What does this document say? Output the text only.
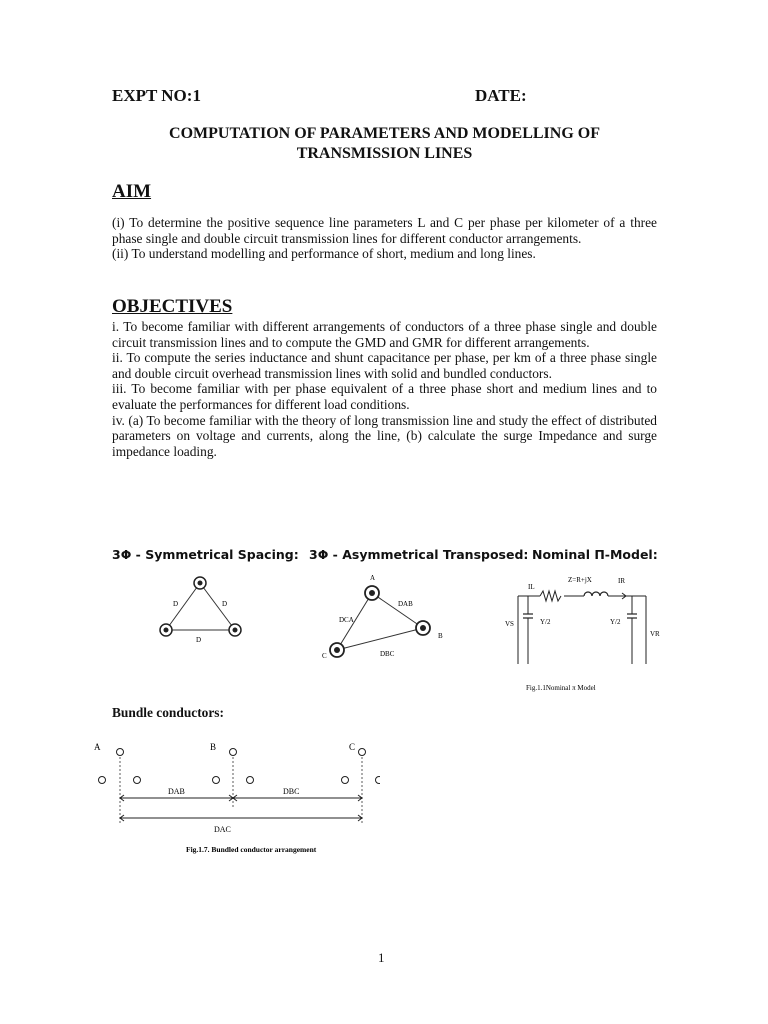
EXPT NO:1	DATE:
COMPUTATION OF PARAMETERS AND MODELLING OF TRANSMISSION LINES
AIM

(i) To determine the positive sequence line parameters L and C per phase per kilometer of a three phase single and double circuit transmission lines for different conductor arrangements.

(ii) To understand modelling and performance of short, medium and long lines.

OBJECTIVES

i. To become familiar with different arrangements of conductors of a three phase single and double circuit transmission lines and to compute the GMD and GMR for different arrangements.

ii. To compute the series inductance and shunt capacitance per phase, per km of a three phase single and double circuit overhead transmission lines with solid and bundled conductors.

iii. To become familiar with per phase equivalent of a three phase short and medium lines and to evaluate the performances for different load conditions.

iv. (a) To become familiar with the theory of long transmission line and study the effect of distributed parameters on voltage and currents, along the line, (b) calculate the surge Impedance and surge impedance loading.

3Φ - Symmetrical Spacing: 3Φ - Asymmetrical Transposed: Nominal Π-Model:
D	D
D
A
B
C
DAB
DCA
DBC
Z=R+jX	IR
IL
VS
VR
Y/2	Y/2
Fig.1.1Nominal π Model
Bundle conductors:
A	B	C
DAB	DBC
DAC
Fig.1.7. Bundled conductor arrangement
1
